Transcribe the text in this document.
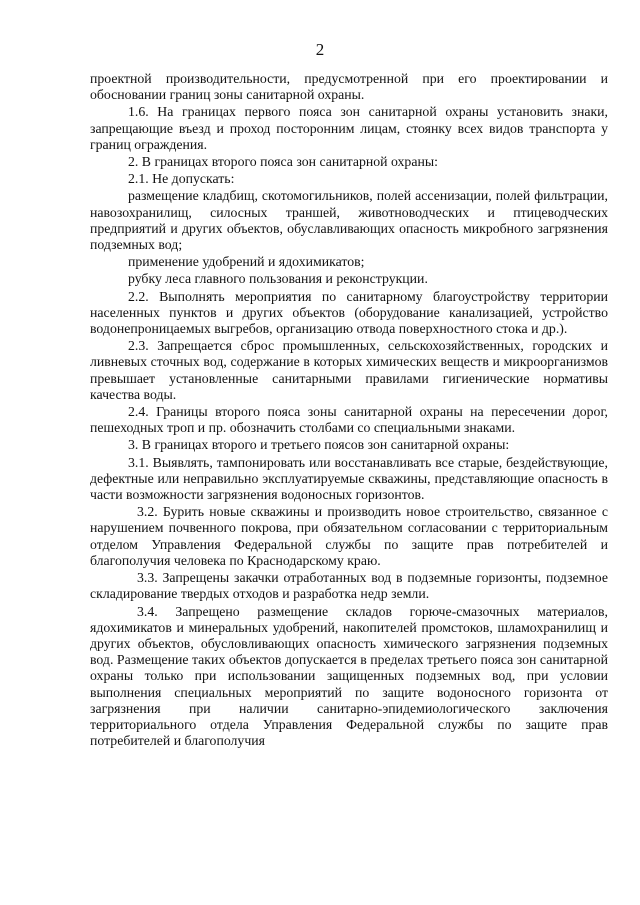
2

проектной производительности, предусмотренной при его проектировании и обосновании границ зоны санитарной охраны.

1.6. На границах первого пояса зон санитарной охраны установить знаки, запрещающие въезд и проход посторонним лицам, стоянку всех видов транспорта у границ ограждения.

2. В границах второго пояса зон санитарной охраны:

2.1. Не допускать:

размещение кладбищ, скотомогильников, полей ассенизации, полей фильтрации, навозохранилищ, силосных траншей, животноводческих и птицеводческих предприятий и других объектов, обуславливающих опасность микробного загрязнения подземных вод;

применение удобрений и ядохимикатов;

рубку леса главного пользования и реконструкции.

2.2. Выполнять мероприятия по санитарному благоустройству территории населенных пунктов и других объектов (оборудование канализацией, устройство водонепроницаемых выгребов, организацию отвода поверхностного стока и др.).

2.3. Запрещается сброс промышленных, сельскохозяйственных, городских и ливневых сточных вод, содержание в которых химических веществ и микроорганизмов превышает установленные санитарными правилами гигиенические нормативы качества воды.

2.4. Границы второго пояса зоны санитарной охраны на пересечении дорог, пешеходных троп и пр. обозначить столбами со специальными знаками.

3. В границах второго и третьего поясов зон санитарной охраны:

3.1. Выявлять, тампонировать или восстанавливать все старые, бездействующие, дефектные или неправильно эксплуатируемые скважины, представляющие опасность в части возможности загрязнения водоносных горизонтов.

3.2. Бурить новые скважины и производить новое строительство, связанное с нарушением почвенного покрова, при обязательном согласовании с территориальным отделом Управления Федеральной службы по защите прав потребителей и благополучия человека по Краснодарскому краю.

3.3. Запрещены закачки отработанных вод в подземные горизонты, подземное складирование твердых отходов и разработка недр земли.

3.4. Запрещено размещение складов горюче-смазочных материалов, ядохимикатов и минеральных удобрений, накопителей промстоков, шламохранилищ и других объектов, обусловливающих опасность химического загрязнения подземных вод. Размещение таких объектов допускается в пределах третьего пояса зон санитарной охраны только при использовании защищенных подземных вод, при условии выполнения специальных мероприятий по защите водоносного горизонта от загрязнения при наличии санитарно-эпидемиологического заключения территориального отдела Управления Федеральной службы по защите прав потребителей и благополучия
